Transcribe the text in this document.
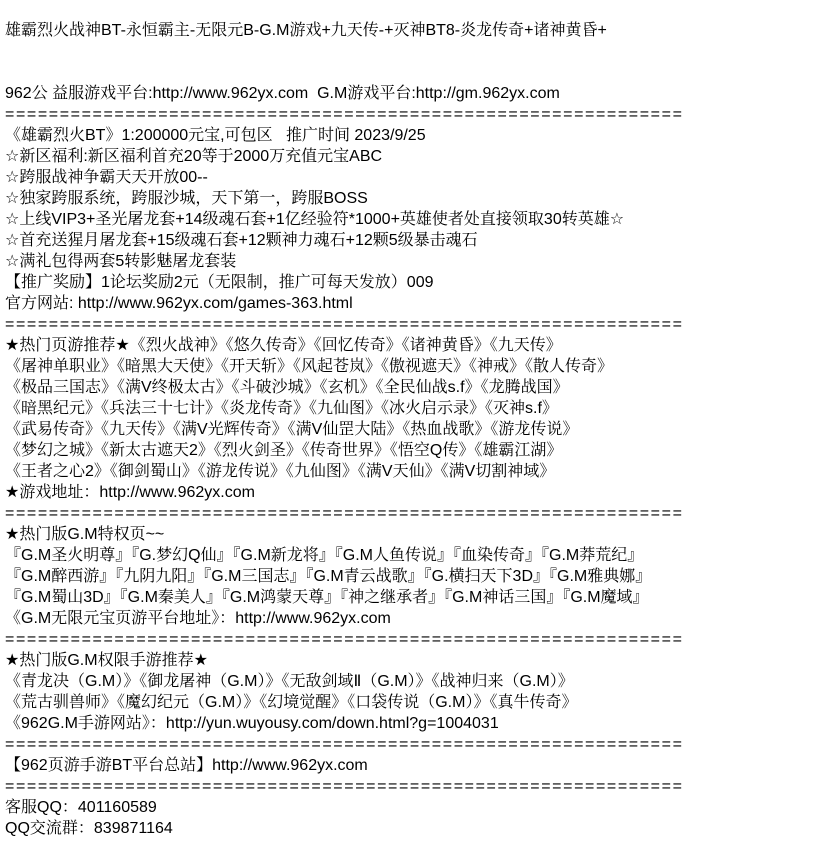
雄霸烈火战神BT-永恒霸主-无限元B-G.M游戏+九天传-+灭神BT8-炎龙传奇+诸神黄昏+

962公 益服游戏平台:http://www.962yx.com  G.M游戏平台:http://gm.962yx.com

==============================================================

《雄霸烈火BT》1:200000元宝,可包区   推广时间 2023/9/25

☆新区福利:新区福利首充20等于2000万充值元宝ABC

☆跨服战神争霸天天开放00--

☆独家跨服系统，跨服沙城，天下第一，跨服BOSS

☆上线VIP3+圣光屠龙套+14级魂石套+1亿经验符*1000+英雄使者处直接领取30转英雄☆

☆首充送猩月屠龙套+15级魂石套+12颗神力魂石+12颗5级暴击魂石

☆满礼包得两套5转影魅屠龙套装

【推广奖励】1论坛奖励2元（无限制，推广可每天发放）009

官方网站: http://www.962yx.com/games-363.html

==============================================================

★热门页游推荐★《烈火战神》《悠久传奇》《回忆传奇》《诸神黄昏》《九天传》

《屠神单职业》《暗黑大天使》《开天斩》《风起苍岚》《傲视遮天》《神戒》《散人传奇》

《极品三国志》《满V终极太古》《斗破沙城》《玄机》《全民仙战s.f》《龙腾战国》

《暗黑纪元》《兵法三十七计》《炎龙传奇》《九仙图》《冰火启示录》《灭神s.f》

《武易传奇》《九天传》《满V光辉传奇》《满V仙罡大陆》《热血战歌》《游龙传说》

《梦幻之城》《新太古遮天2》《烈火剑圣》《传奇世界》《悟空Q传》《雄霸江湖》

《王者之心2》《御剑蜀山》《游龙传说》《九仙图》《满V天仙》《满V切割神域》

★游戏地址：http://www.962yx.com

==============================================================

★热门版G.M特权页~~

『G.M圣火明尊』『G.梦幻Q仙』『G.M新龙将』『G.M人鱼传说』『血染传奇』『G.M莽荒纪』

『G.M醉西游』『九阴九阳』『G.M三国志』『G.M青云战歌』『G.横扫天下3D』『G.M雅典娜』

『G.M蜀山3D』『G.M秦美人』『G.M鸿蒙天尊』『神之继承者』『G.M神话三国』『G.M魔域』

《G.M无限元宝页游平台地址》：http://www.962yx.com

==============================================================

★热门版G.M权限手游推荐★

《青龙决（G.M）》《御龙屠神（G.M）》《无敌剑域Ⅱ（G.M）》《战神归来（G.M）》

《荒古驯兽师》《魔幻纪元（G.M）》《幻境觉醒》《口袋传说（G.M）》《真牛传奇》

《962G.M手游网站》：http://yun.wuyousy.com/down.html?g=1004031

==============================================================

【962页游手游BT平台总站】http://www.962yx.com

==============================================================

客服QQ：401160589

QQ交流群：839871164
